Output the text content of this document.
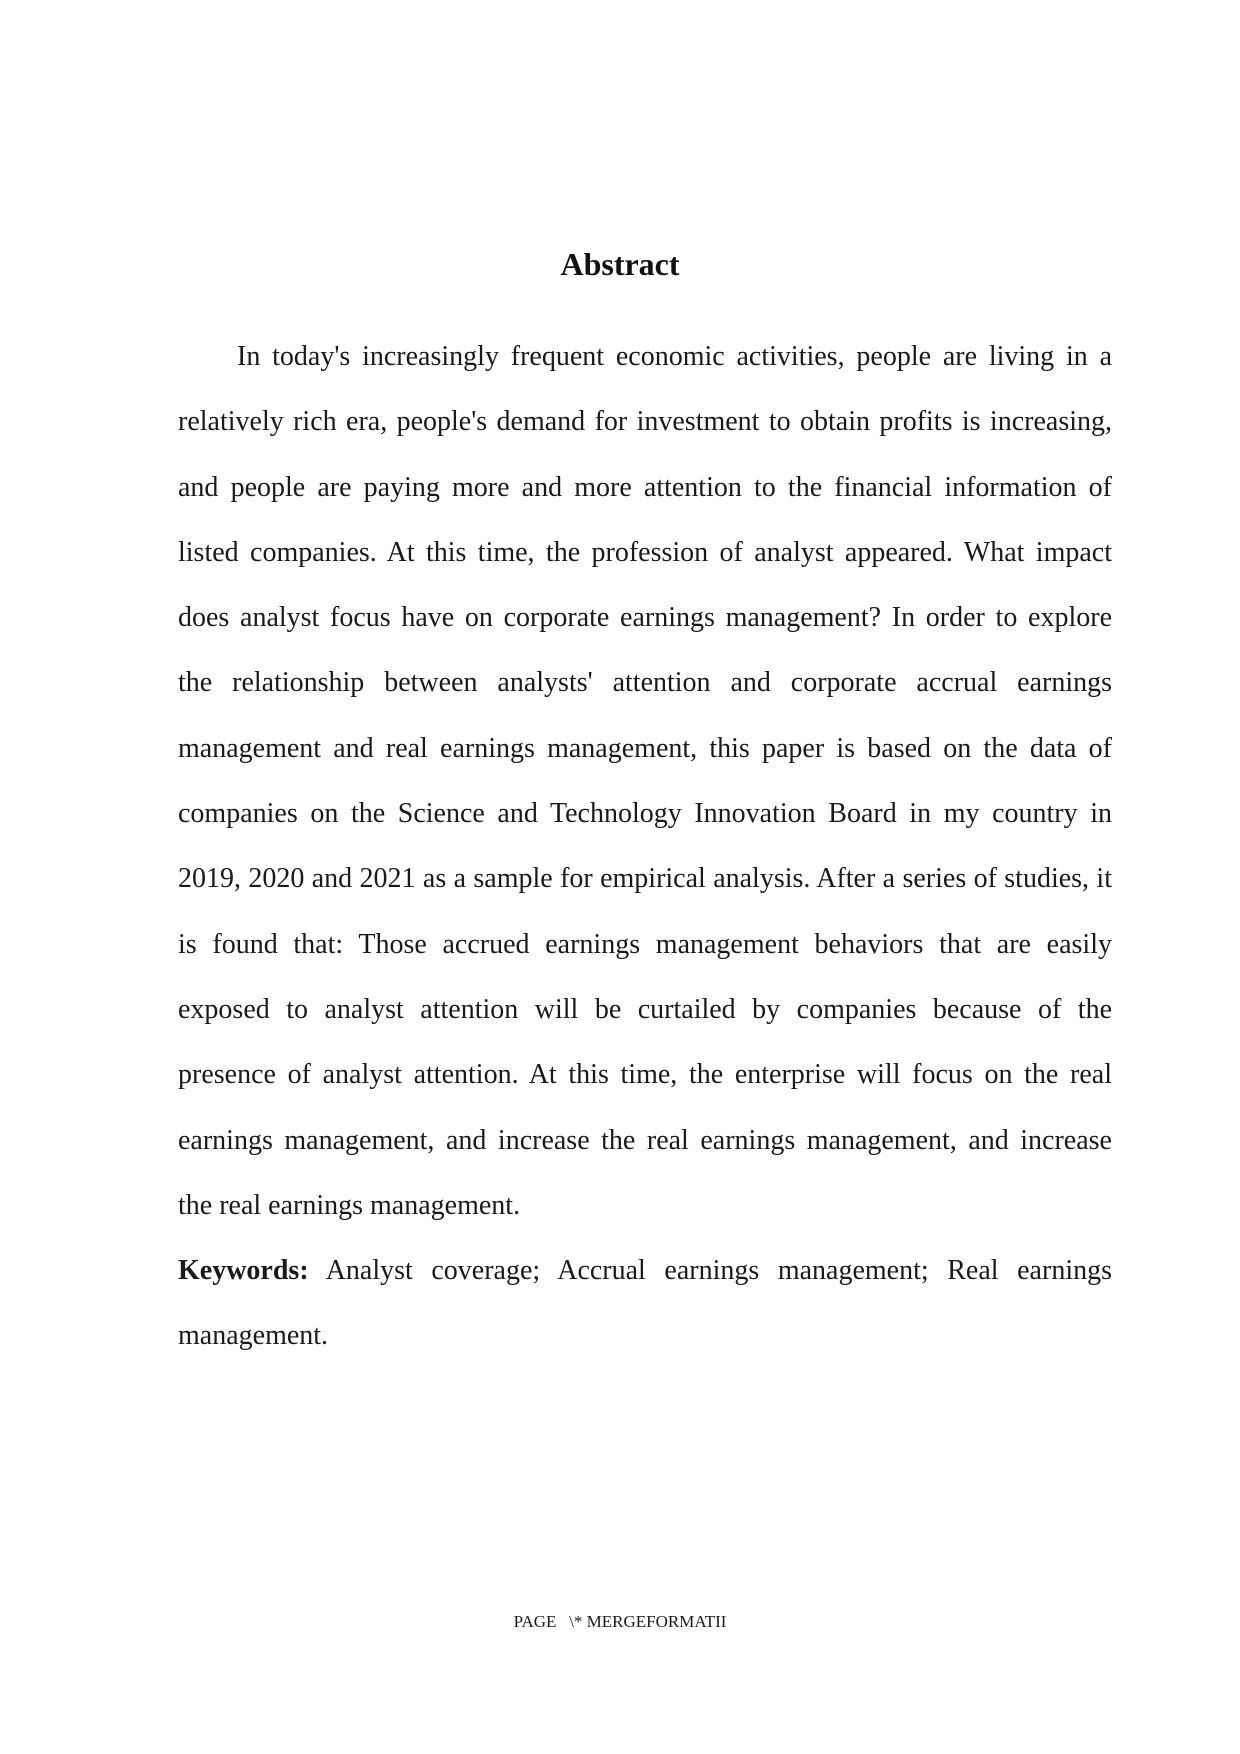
Abstract

In today's increasingly frequent economic activities, people are living in a relatively rich era, people's demand for investment to obtain profits is increasing, and people are paying more and more attention to the financial information of listed companies. At this time, the profession of analyst appeared. What impact does analyst focus have on corporate earnings management? In order to explore the relationship between analysts' attention and corporate accrual earnings management and real earnings management, this paper is based on the data of companies on the Science and Technology Innovation Board in my country in 2019, 2020 and 2021 as a sample for empirical analysis. After a series of studies, it is found that: Those accrued earnings management behaviors that are easily exposed to analyst attention will be curtailed by companies because of the presence of analyst attention. At this time, the enterprise will focus on the real earnings management, and increase the real earnings management, and increase the real earnings management.

Keywords: Analyst coverage; Accrual earnings management; Real earnings management.

PAGE   \* MERGEFORMATII
